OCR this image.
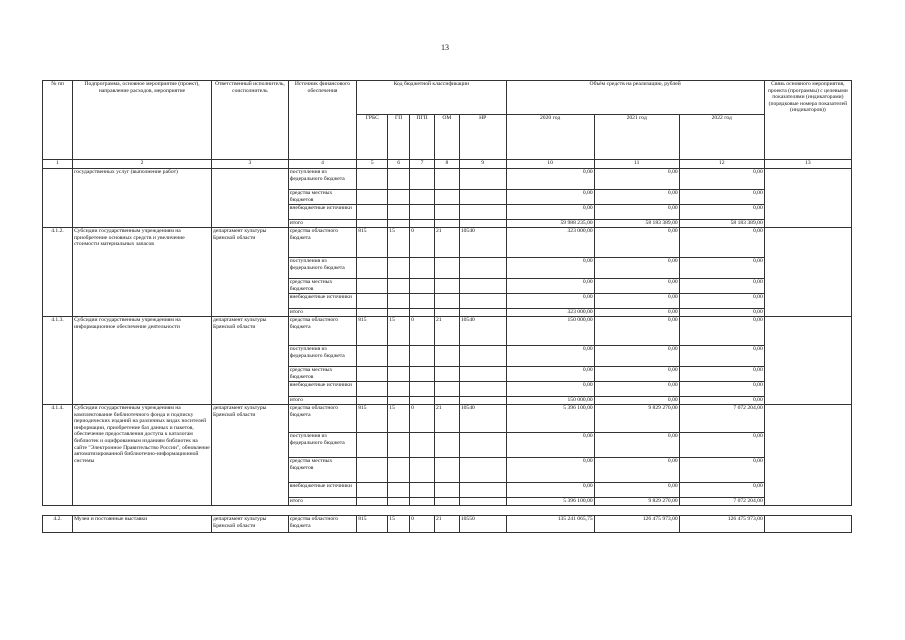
13
№ пп	Подпрограмма, основное мероприятие (проект), направление расходов, мероприятие	Ответственный исполнитель, соисполнитель	Источник финансового обеспечения	Код бюджетной классификации					Объём средств на реализацию, рублей			Связь основного мероприятия, проекта (программы) с целевыми показателями (индикаторами) (порядковые номера показателей (индикаторов))
				ГРБС	ГП	ПГП	ОМ	НР	2020 год	2021 год	2022 год	
1	2	3	4	5	6	7	8	9	10	11	12	13
	государственных услуг (выполнение работ)		поступления из федерального бюджета						0,00	0,00	0,00	
			средства местных бюджетов						0,00	0,00	0,00	
			внебюджетные источники						0,00	0,00	0,00	
			итого						59 988 235,00	58 183 389,00	58 183 389,00	
4.1.2.	Субсидии государственным учреждениям на приобретение основных средств и увеличение стоимости материальных запасов	департамент культуры Брянской области	средства областного бюджета	815	15	0	21	10540	323 000,00	0,00	0,00	
			поступления из федерального бюджета						0,00	0,00	0,00	
			средства местных бюджетов						0,00	0,00	0,00	
			внебюджетные источники						0,00	0,00	0,00	
			итого						323 000,00	0,00	0,00	
4.1.3.	Субсидии государственным учреждениям на информационное обеспечение деятельности	департамент культуры Брянской области	средства областного бюджета	815	15	0	21	10540	150 000,00	0,00	0,00	
			поступления из федерального бюджета						0,00	0,00	0,00	
			средства местных бюджетов						0,00	0,00	0,00	
			внебюджетные источники						0,00	0,00	0,00	
			итого						150 000,00	0,00	0,00	
4.1.4.	Субсидии государственным учреждениям на комплектование библиотечного фонда и подписку периодических изданий на различных видах носителей информации, приобретение баз данных и пакетов, обеспечение предоставления доступа к каталогам библиотек и оцифрованным изданиям библиотек на сайте "Электронное Правительство России", обновление автоматизированной библиотечно-информационной системы	департамент культуры Брянской области	средства областного бюджета	815	15	0	21	10540	5 396 100,00	9 829 270,00	7 072 204,00	
			поступления из федерального бюджета						0,00	0,00	0,00	
			средства местных бюджетов						0,00	0,00	0,00	
			внебюджетные источники						0,00	0,00	0,00	
			итого						5 396 100,00	9 829 270,00	7 072 204,00	

4.2.	Музеи и постоянные выставки	департамент культуры Брянской области	средства областного бюджета	815	15	0	21	10550	135 241 065,75	126 475 973,00	126 475 973,00	
